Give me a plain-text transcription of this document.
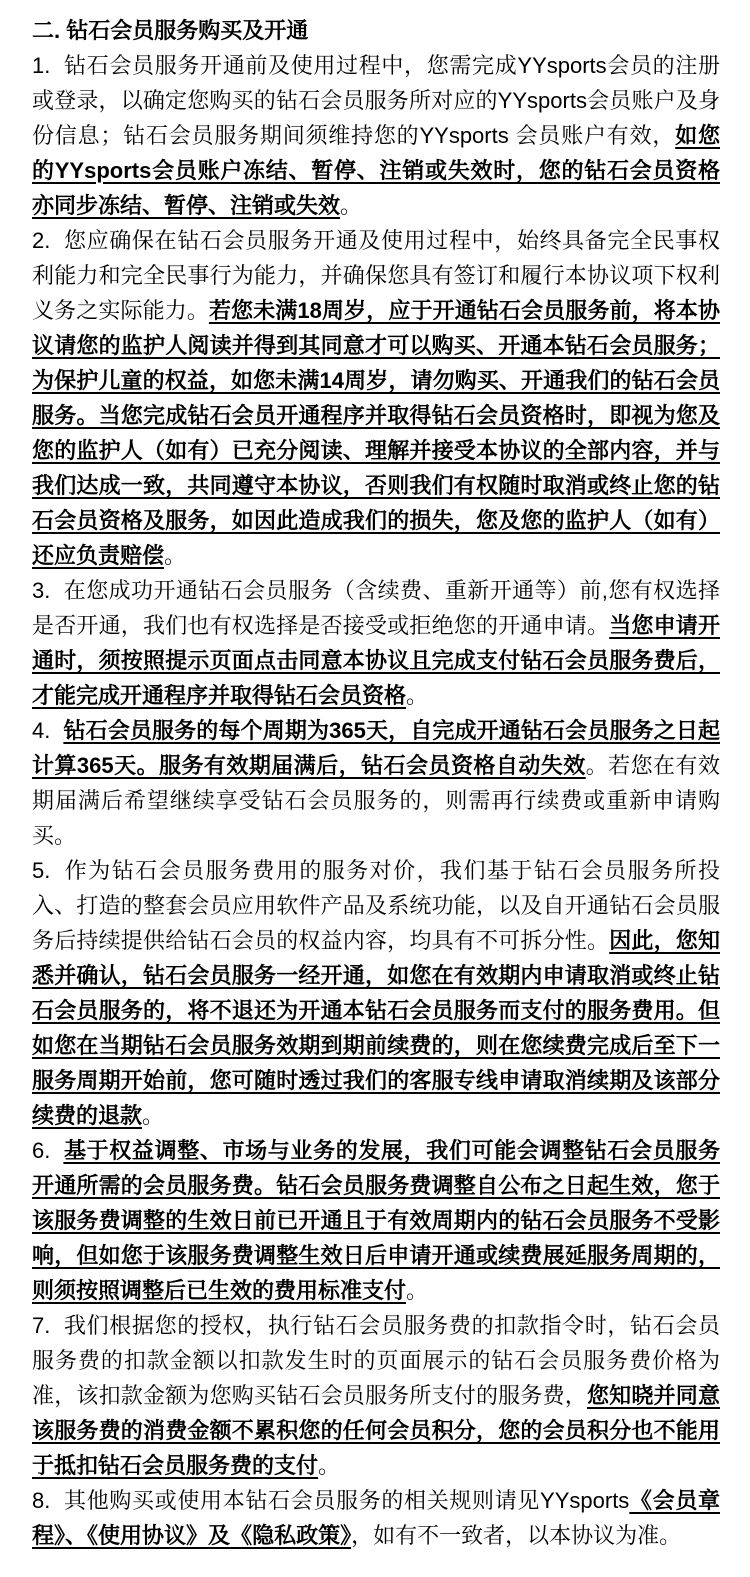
二. 钻石会员服务购买及开通

1. 钻石会员服务开通前及使用过程中，您需完成YYsports会员的注册或登录，以确定您购买的钻石会员服务所对应的YYsports会员账户及身份信息；钻石会员服务期间须维持您的YYsports 会员账户有效，如您的YYsports会员账户冻结、暂停、注销或失效时，您的钻石会员资格亦同步冻结、暂停、注销或失效。

2. 您应确保在钻石会员服务开通及使用过程中，始终具备完全民事权利能力和完全民事行为能力，并确保您具有签订和履行本协议项下权利义务之实际能力。若您未满18周岁，应于开通钻石会员服务前，将本协议请您的监护人阅读并得到其同意才可以购买、开通本钻石会员服务；为保护儿童的权益，如您未满14周岁，请勿购买、开通我们的钻石会员服务。当您完成钻石会员开通程序并取得钻石会员资格时，即视为您及您的监护人（如有）已充分阅读、理解并接受本协议的全部内容，并与我们达成一致，共同遵守本协议，否则我们有权随时取消或终止您的钻石会员资格及服务，如因此造成我们的损失，您及您的监护人（如有）还应负责赔偿。

3. 在您成功开通钻石会员服务（含续费、重新开通等）前,您有权选择是否开通，我们也有权选择是否接受或拒绝您的开通申请。当您申请开通时，须按照提示页面点击同意本协议且完成支付钻石会员服务费后，才能完成开通程序并取得钻石会员资格。

4. 钻石会员服务的每个周期为365天，自完成开通钻石会员服务之日起计算365天。服务有效期届满后，钻石会员资格自动失效。若您在有效期届满后希望继续享受钻石会员服务的，则需再行续费或重新申请购买。

5. 作为钻石会员服务费用的服务对价，我们基于钻石会员服务所投入、打造的整套会员应用软件产品及系统功能，以及自开通钻石会员服务后持续提供给钻石会员的权益内容，均具有不可拆分性。因此，您知悉并确认，钻石会员服务一经开通，如您在有效期内申请取消或终止钻石会员服务的，将不退还为开通本钻石会员服务而支付的服务费用。但如您在当期钻石会员服务效期到期前续费的，则在您续费完成后至下一服务周期开始前，您可随时透过我们的客服专线申请取消续期及该部分续费的退款。

6. 基于权益调整、市场与业务的发展，我们可能会调整钻石会员服务开通所需的会员服务费。钻石会员服务费调整自公布之日起生效，您于该服务费调整的生效日前已开通且于有效周期内的钻石会员服务不受影响，但如您于该服务费调整生效日后申请开通或续费展延服务周期的，则须按照调整后已生效的费用标准支付。

7. 我们根据您的授权，执行钻石会员服务费的扣款指令时，钻石会员服务费的扣款金额以扣款发生时的页面展示的钻石会员服务费价格为准，该扣款金额为您购买钻石会员服务所支付的服务费，您知晓并同意该服务费的消费金额不累积您的任何会员积分，您的会员积分也不能用于抵扣钻石会员服务费的支付。

8. 其他购买或使用本钻石会员服务的相关规则请见YYsports《会员章程》、《使用协议》及《隐私政策》，如有不一致者，以本协议为准。
